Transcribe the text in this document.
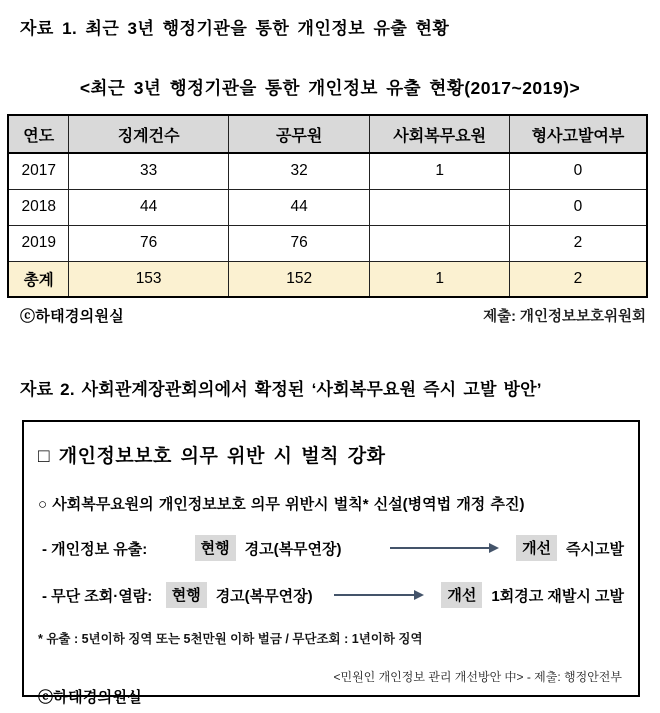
자료 1. 최근 3년 행정기관을 통한 개인정보 유출 현황
<최근 3년 행정기관을 통한 개인정보 유출 현황(2017~2019)>
연도	징계건수	공무원	사회복무요원	형사고발여부
2017	33	32	1	0
2018	44	44		0
2019	76	76		2
총계	153	152	1	2
ⓒ하태경의원실	제출: 개인정보보호위원회
자료 2. 사회관계장관회의에서 확정된 ‘사회복무요원 즉시 고발 방안’
□ 개인정보보호 의무 위반 시 벌칙 강화
○ 사회복무요원의 개인정보보호 의무 위반시 벌칙* 신설(병역법 개정 추진)
- 개인정보 유출:	현행	경고(복무연장)	개선	즉시고발
- 무단 조회·열람:	현행	경고(복무연장)	개선	1회경고 재발시 고발
* 유출 : 5년이하 징역 또는 5천만원 이하 벌금 / 무단조회 : 1년이하 징역
<민원인 개인정보 관리 개선방안 中> - 제출: 행정안전부
ⓒ하태경의원실
